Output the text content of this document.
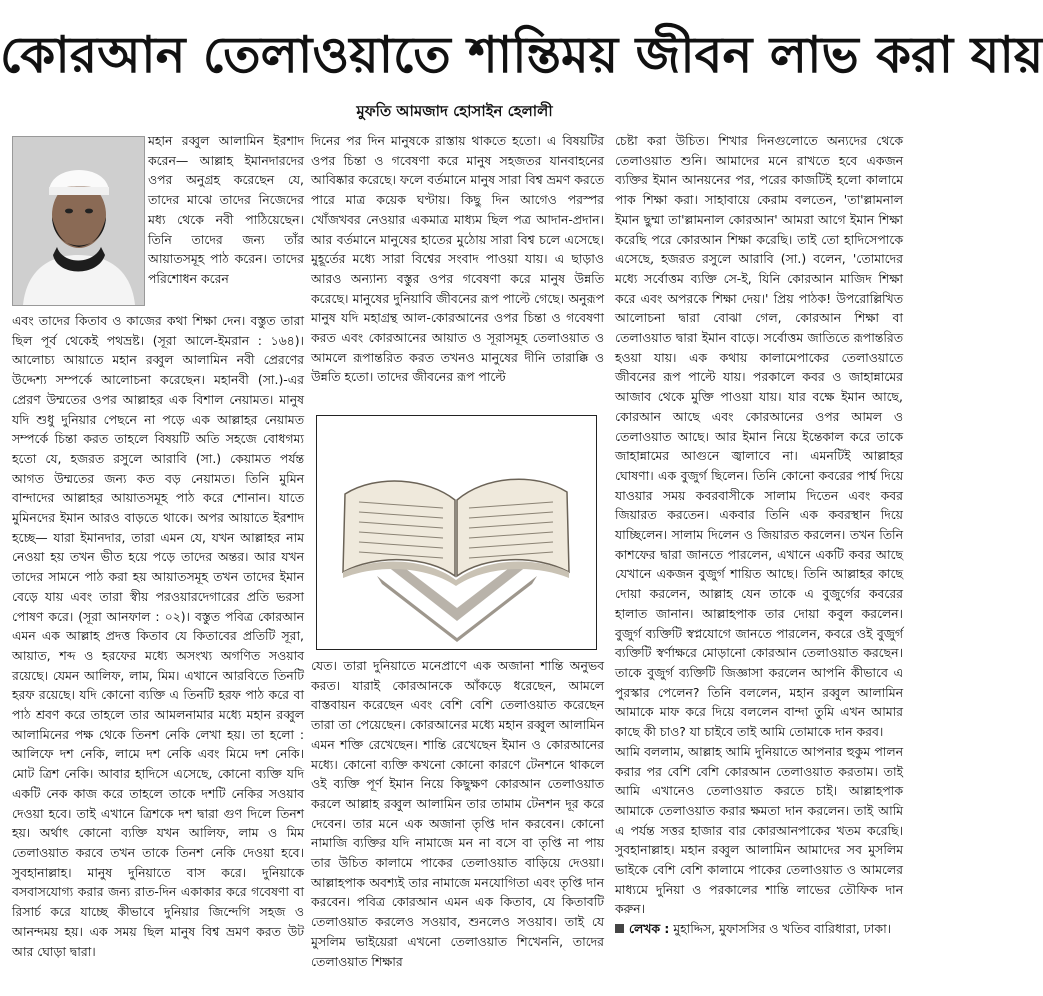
কোরআন তেলাওয়াতে শান্তিময় জীবন লাভ করা যায়
মুফতি আমজাদ হোসাইন হেলালী

মহান রব্বুল আলামিন ইরশাদ করেন— আল্লাহ ইমানদারদের ওপর অনুগ্রহ করেছেন যে, তাদের মাঝে তাদের নিজেদের মধ্য থেকে নবী পাঠিয়েছেন। তিনি তাদের জন্য তাঁর আয়াতসমূহ পাঠ করেন। তাদের পরিশোধন করেন

এবং তাদের কিতাব ও কাজের কথা শিক্ষা দেন। বস্তুত তারা ছিল পূর্ব থেকেই পথভ্রষ্ট। (সূরা আলে-ইমরান : ১৬৪)। আলোচ্য আয়াতে মহান রব্বুল আলামিন নবী প্রেরণের উদ্দেশ্য সম্পর্কে আলোচনা করেছেন। মহানবী (সা.)-এর প্রেরণ উম্মতের ওপর আল্লাহর এক বিশাল নেয়ামত। মানুষ যদি শুধু দুনিয়ার পেছনে না পড়ে এক আল্লাহর নেয়ামত সম্পর্কে চিন্তা করত তাহলে বিষয়টি অতি সহজে বোধগম্য হতো যে, হজরত রসুলে আরাবি (সা.) কেয়ামত পর্যন্ত আগত উম্মতের জন্য কত বড় নেয়ামত। তিনি মুমিন বান্দাদের আল্লাহর আয়াতসমূহ পাঠ করে শোনান। যাতে মুমিনদের ইমান আরও বাড়তে থাকে। অপর আয়াতে ইরশাদ হচ্ছে— যারা ইমানদার, তারা এমন যে, যখন আল্লাহর নাম নেওয়া হয় তখন ভীত হয়ে পড়ে তাদের অন্তর। আর যখন তাদের সামনে পাঠ করা হয় আয়াতসমূহ তখন তাদের ইমান বেড়ে যায় এবং তারা স্বীয় পরওয়ারদেগারের প্রতি ভরসা পোষণ করে। (সূরা আনফাল : ০২)। বস্তুত পবিত্র কোরআন এমন এক আল্লাহ প্রদত্ত কিতাব যে কিতাবের প্রতিটি সূরা, আয়াত, শব্দ ও হরফের মধ্যে অসংখ্য অগণিত সওয়াব রয়েছে। যেমন আলিফ, লাম, মিম। এখানে আরবিতে তিনটি হরফ রয়েছে। যদি কোনো ব্যক্তি এ তিনটি হরফ পাঠ করে বা পাঠ শ্রবণ করে তাহলে তার আমলনামার মধ্যে মহান রব্বুল আলামিনের পক্ষ থেকে তিনশ নেকি লেখা হয়। তা হলো : আলিফে দশ নেকি, লামে দশ নেকি এবং মিমে দশ নেকি। মোট ত্রিশ নেকি। আবার হাদিসে এসেছে, কোনো ব্যক্তি যদি একটি নেক কাজ করে তাহলে তাকে দশটি নেকির সওয়াব দেওয়া হবে। তাই এখানে ত্রিশকে দশ দ্বারা গুণ দিলে তিনশ হয়। অর্থাৎ কোনো ব্যক্তি যখন আলিফ, লাম ও মিম তেলাওয়াত করবে তখন তাকে তিনশ নেকি দেওয়া হবে। সুবহানাল্লাহ। মানুষ দুনিয়াতে বাস করে। দুনিয়াকে বসবাসযোগ্য করার জন্য রাত-দিন একাকার করে গবেষণা বা রিসার্চ করে যাচ্ছে কীভাবে দুনিয়ার জিন্দেগি সহজ ও আনন্দময় হয়। এক সময় ছিল মানুষ বিশ্ব ভ্রমণ করত উট আর ঘোড়া দ্বারা।

দিনের পর দিন মানুষকে রাস্তায় থাকতে হতো। এ বিষয়টির ওপর চিন্তা ও গবেষণা করে মানুষ সহজতর যানবাহনের আবিষ্কার করেছে। ফলে বর্তমানে মানুষ সারা বিশ্ব ভ্রমণ করতে পারে মাত্র কয়েক ঘণ্টায়। কিছু দিন আগেও পরস্পর খোঁজখবর নেওয়ার একমাত্র মাধ্যম ছিল পত্র আদান-প্রদান। আর বর্তমানে মানুষের হাতের মুঠোয় সারা বিশ্ব চলে এসেছে। মুহূর্তের মধ্যে সারা বিশ্বের সংবাদ পাওয়া যায়। এ ছাড়াও আরও অন্যান্য বস্তুর ওপর গবেষণা করে মানুষ উন্নতি করেছে। মানুষের দুনিয়াবি জীবনের রূপ পাল্টে গেছে। অনুরূপ মানুষ যদি মহাগ্রন্থ আল-কোরআনের ওপর চিন্তা ও গবেষণা করত এবং কোরআনের আয়াত ও সূরাসমূহ তেলাওয়াত ও আমলে রূপান্তরিত করত তখনও মানুষের দীনি তারাক্কি ও উন্নতি হতো। তাদের জীবনের রূপ পাল্টে

যেত। তারা দুনিয়াতে মনেপ্রাণে এক অজানা শান্তি অনুভব করত। যারাই কোরআনকে আঁকড়ে ধরেছেন, আমলে বাস্তবায়ন করেছেন এবং বেশি বেশি তেলাওয়াত করেছেন তারা তা পেয়েছেন। কোরআনের মধ্যে মহান রব্বুল আলামিন এমন শক্তি রেখেছেন। শান্তি রেখেছেন ইমান ও কোরআনের মধ্যে। কোনো ব্যক্তি কখনো কোনো কারণে টেনশনে থাকলে ওই ব্যক্তি পূর্ণ ইমান নিয়ে কিছুক্ষণ কোরআন তেলাওয়াত করলে আল্লাহ রব্বুল আলামিন তার তামাম টেনশন দূর করে দেবেন। তার মনে এক অজানা তৃপ্তি দান করবেন। কোনো নামাজি ব্যক্তির যদি নামাজে মন না বসে বা তৃপ্তি না পায় তার উচিত কালামে পাকের তেলাওয়াত বাড়িয়ে দেওয়া। আল্লাহপাক অবশ্যই তার নামাজে মনযোগিতা এবং তৃপ্তি দান করবেন। পবিত্র কোরআন এমন এক কিতাব, যে কিতাবটি তেলাওয়াত করলেও সওয়াব, শুনলেও সওয়াব। তাই যে মুসলিম ভাইয়েরা এখনো তেলাওয়াত শিখেননি, তাদের তেলাওয়াত শিক্ষার

চেষ্টা করা উচিত। শিখার দিনগুলোতে অন্যদের থেকে তেলাওয়াত শুনি। আমাদের মনে রাখতে হবে একজন ব্যক্তির ইমান আনয়নের পর, পরের কাজটিই হলো কালামে পাক শিক্ষা করা। সাহাবায়ে কেরাম বলতেন, 'তা'ল্লামনাল ইমান ছুম্মা তা'ল্লামনাল কোরআন' আমরা আগে ইমান শিক্ষা করেছি পরে কোরআন শিক্ষা করেছি। তাই তো হাদিসেপাকে এসেছে, হজরত রসুলে আরাবি (সা.) বলেন, 'তোমাদের মধ্যে সর্বোত্তম ব্যক্তি সে-ই, যিনি কোরআন মাজিদ শিক্ষা করে এবং অপরকে শিক্ষা দেয়।' প্রিয় পাঠক! উপরোল্লিখিত আলোচনা দ্বারা বোঝা গেল, কোরআন শিক্ষা বা তেলাওয়াত দ্বারা ইমান বাড়ে। সর্বোত্তম জাতিতে রূপান্তরিত হওয়া যায়। এক কথায় কালামেপাকের তেলাওয়াতে জীবনের রূপ পাল্টে যায়। পরকালে কবর ও জাহান্নামের আজাব থেকে মুক্তি পাওয়া যায়। যার বক্ষে ইমান আছে, কোরআন আছে এবং কোরআনের ওপর আমল ও তেলাওয়াত আছে। আর ইমান নিয়ে ইন্তেকাল করে তাকে জাহান্নামের আগুনে জ্বালাবে না। এমনটিই আল্লাহর ঘোষণা। এক বুজুর্গ ছিলেন। তিনি কোনো কবরের পার্শ্ব দিয়ে যাওয়ার সময় কবরবাসীকে সালাম দিতেন এবং কবর জিয়ারত করতেন। একবার তিনি এক কবরস্থান দিয়ে যাচ্ছিলেন। সালাম দিলেন ও জিয়ারত করলেন। তখন তিনি কাশফের দ্বারা জানতে পারলেন, এখানে একটি কবর আছে যেখানে একজন বুজুর্গ শায়িত আছে। তিনি আল্লাহর কাছে দোয়া করলেন, আল্লাহ যেন তাকে এ বুজুর্গের কবরের হালাত জানান। আল্লাহপাক তার দোয়া কবুল করলেন। বুজুর্গ ব্যক্তিটি স্বপ্নযোগে জানতে পারলেন, কবরে ওই বুজুর্গ ব্যক্তিটি স্বর্ণাক্ষরে মোড়ানো কোরআন তেলাওয়াত করছেন। তাকে বুজুর্গ ব্যক্তিটি জিজ্ঞাসা করলেন আপনি কীভাবে এ পুরস্কার পেলেন? তিনি বললেন, মহান রব্বুল আলামিন আমাকে মাফ করে দিয়ে বললেন বান্দা তুমি এখন আমার কাছে কী চাও? যা চাইবে তাই আমি তোমাকে দান করব।

আমি বললাম, আল্লাহ আমি দুনিয়াতে আপনার হুকুম পালন করার পর বেশি বেশি কোরআন তেলাওয়াত করতাম। তাই আমি এখানেও তেলাওয়াত করতে চাই। আল্লাহপাক আমাকে তেলাওয়াত করার ক্ষমতা দান করলেন। তাই আমি এ পর্যন্ত সত্তর হাজার বার কোরআনপাকের খতম করেছি। সুবহানাল্লাহ। মহান রব্বুল আলামিন আমাদের সব মুসলিম ভাইকে বেশি বেশি কালামে পাকের তেলাওয়াত ও আমলের মাধ্যমে দুনিয়া ও পরকালের শান্তি লাভের তৌফিক দান করুন।

লেখক : মুহাদ্দিস, মুফাসসির ও খতিব বারিধারা, ঢাকা।
